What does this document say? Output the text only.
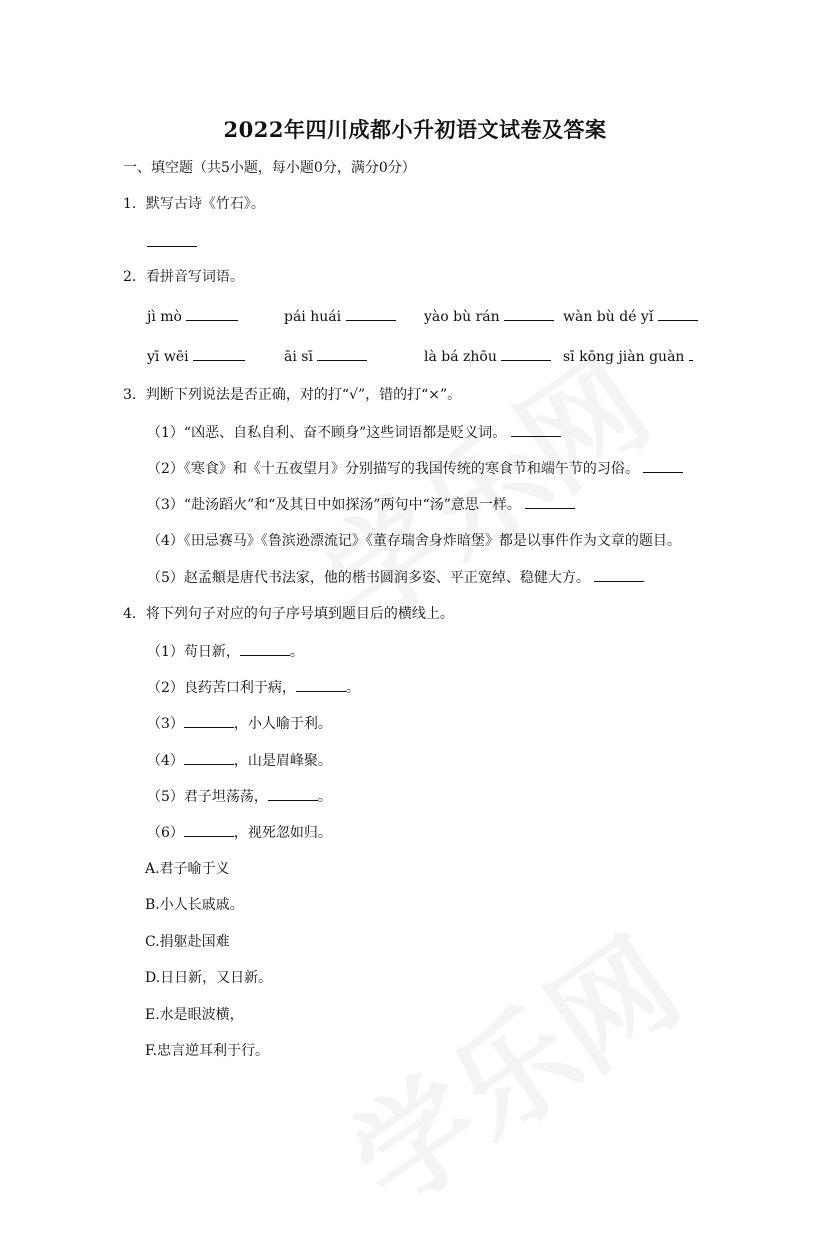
2022年四川成都小升初语文试卷及答案
一、填空题（共5小题，每小题0分，满分0分）
1．默写古诗《竹石》。
2．看拼音写词语。
jì mò	pái huái	yào bù rán	wàn bù dé yǐ
yī wēi	āi sī	là bá zhōu	sī kōng jiàn guàn
3．判断下列说法是否正确，对的打“√”，错的打“×”。
（1）“凶恶、自私自利、奋不顾身”这些词语都是贬义词。
（2）《寒食》和《十五夜望月》分别描写的我国传统的寒食节和端午节的习俗。
（3）“赴汤蹈火”和“及其日中如探汤”两句中“汤”意思一样。
（4）《田忌赛马》《鲁滨逊漂流记》《董存瑞舍身炸暗堡》都是以事件作为文章的题目。
（5）赵孟頫是唐代书法家，他的楷书圆润多姿、平正宽绰、稳健大方。
4．将下列句子对应的句子序号填到题目后的横线上。
（1）苟日新，	。
（2）良药苦口利于病，	。
（3）	，小人喻于利。
（4）	，山是眉峰聚。
（5）君子坦荡荡，	。
（6）	，视死忽如归。
A.君子喻于义
B.小人长戚戚。
C.捐躯赴国难
D.日日新，又日新。
E.水是眼波横，
F.忠言逆耳利于行。
